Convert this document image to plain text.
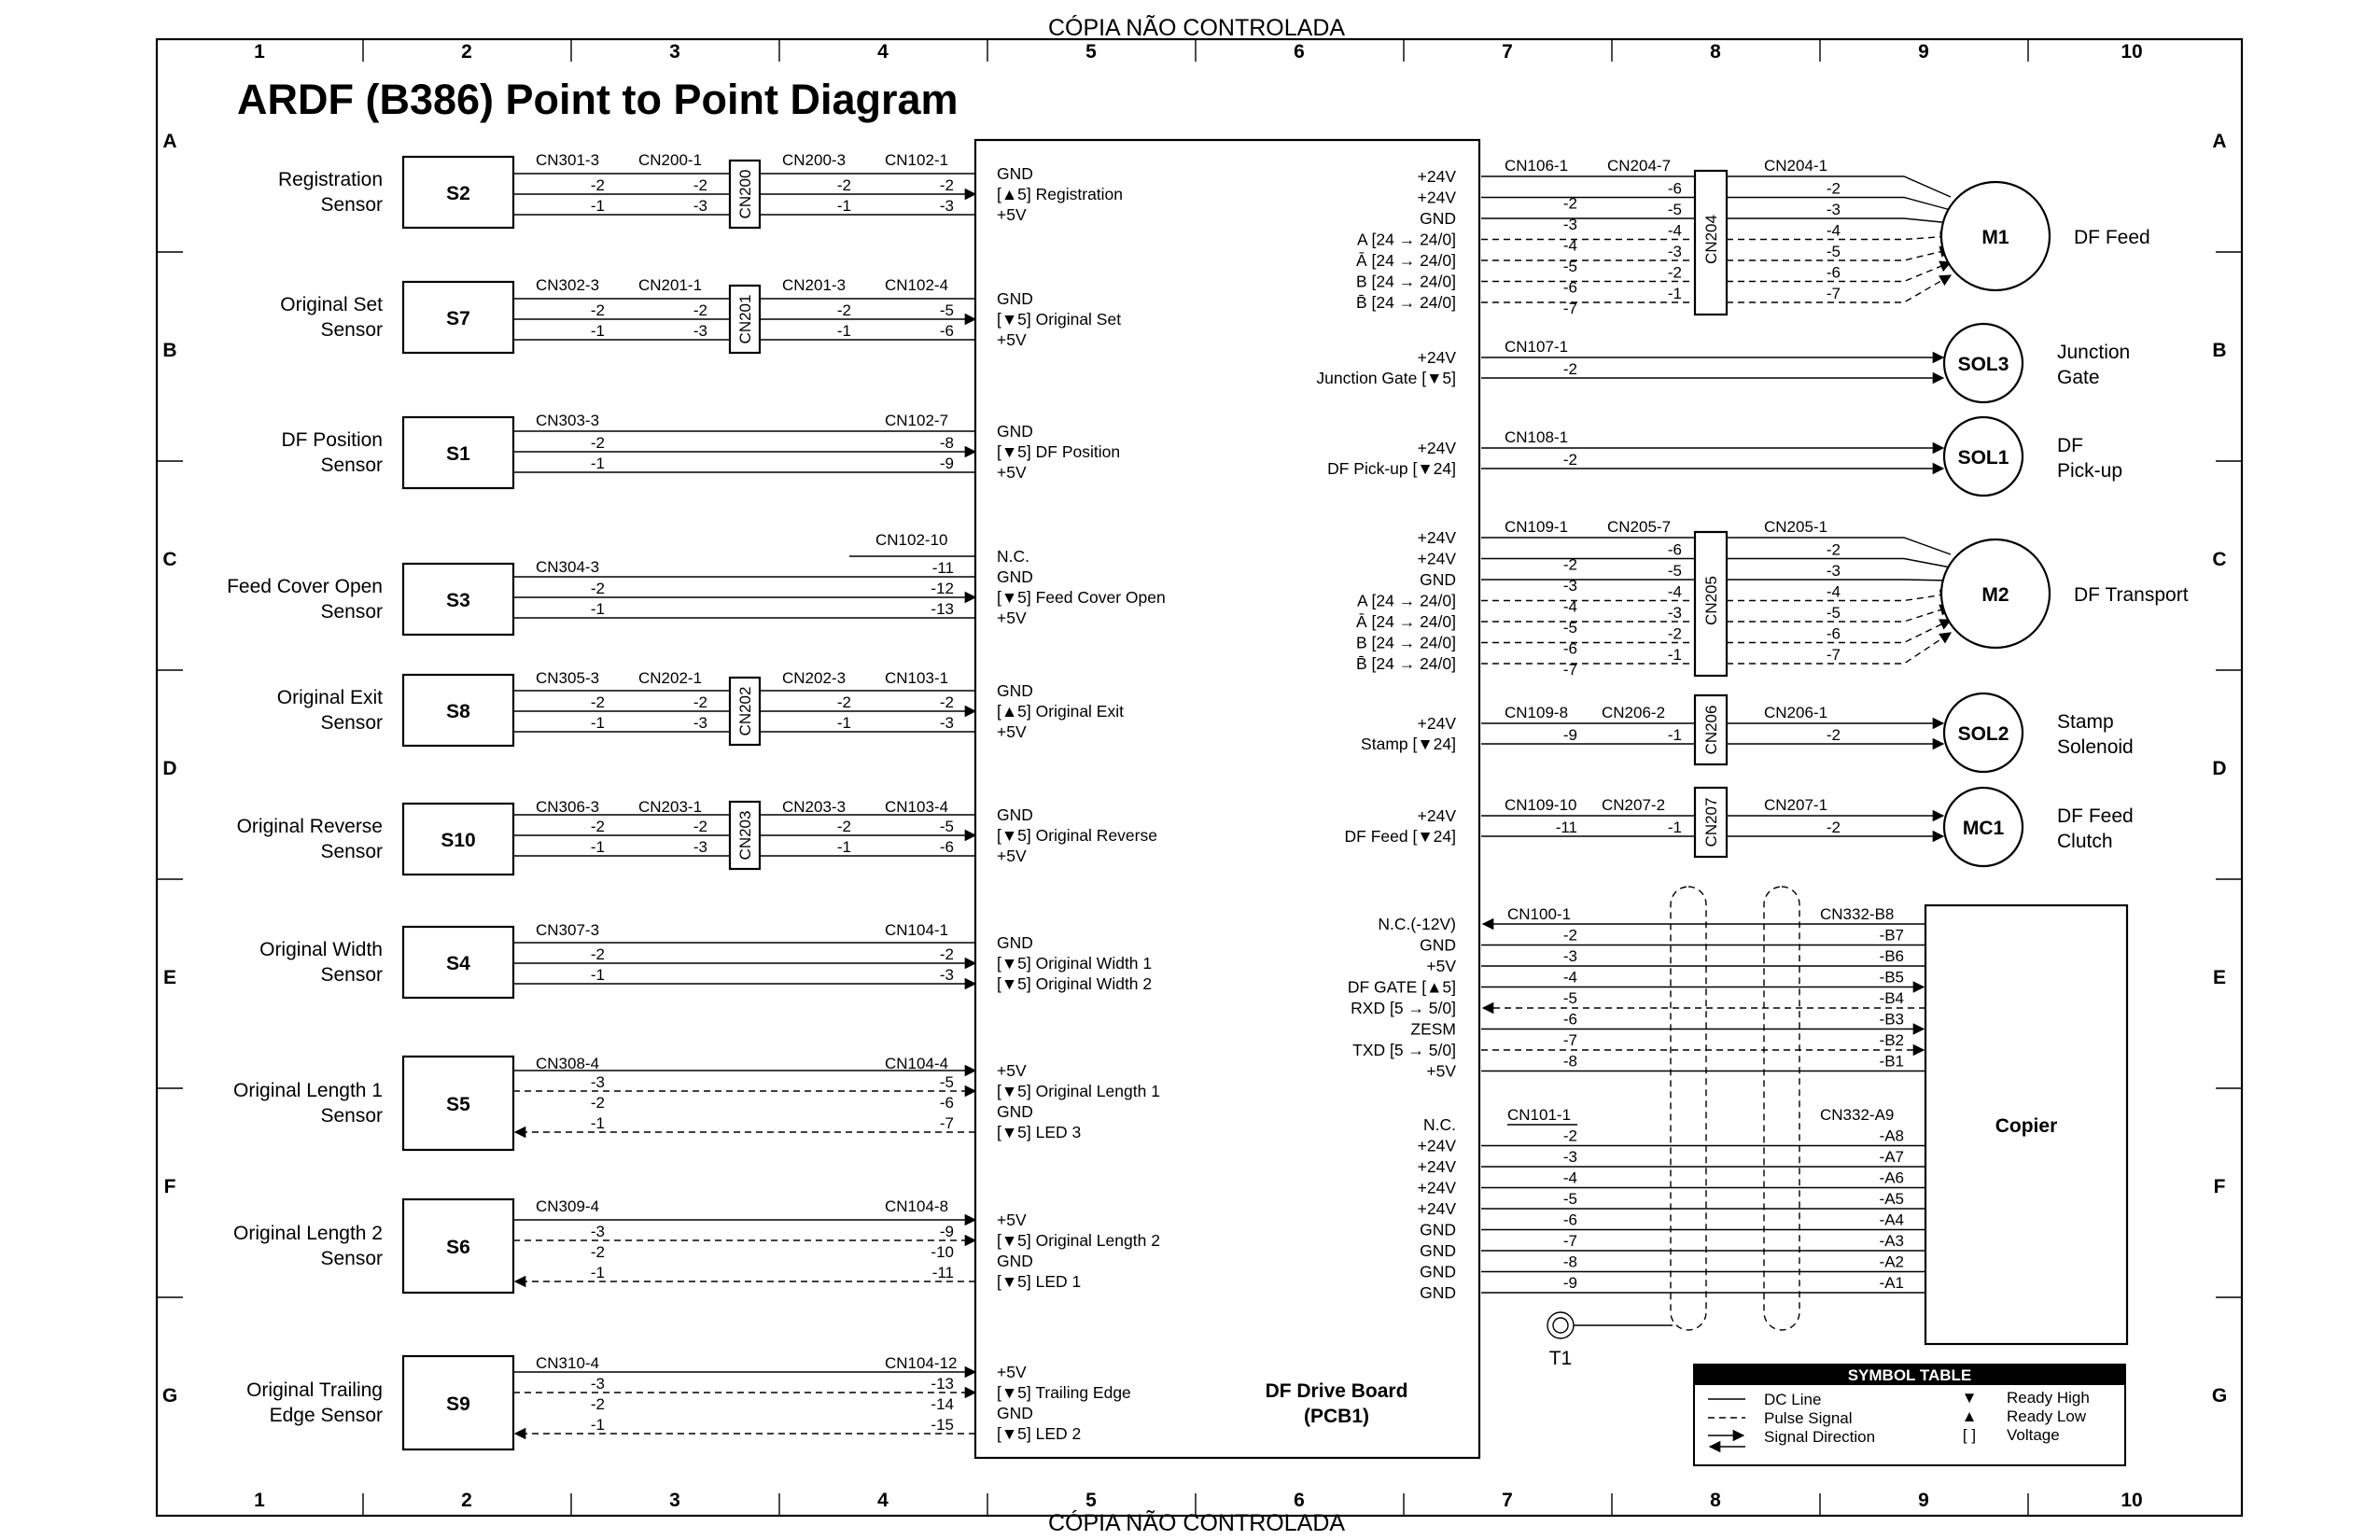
CÓPIA NÃO CONTROLADA
CÓPIA NÃO CONTROLADA
1
1
2
2
3
3
4
4
5
5
6
6
7
7
8
8
9
9
10
10
A	A
B	B
C	C
D	D
E	E
F	F
G	G
ARDF (B386) Point to Point Diagram
DF Drive Board
(PCB1)
S2
Registration
Sensor
CN301-3
CN200
CN200-1	CN200-3 CN102-1
-2	-2	-2	-2
-1	-3	-1	-3
GND
[▲5] Registration
+5V
S7
Original Set
Sensor
CN302-3
CN201
CN201-1	CN201-3 CN102-4
-2	-2	-2	-5
-1	-3	-1	-6
GND
[▼5] Original Set
+5V
S1
DF Position
Sensor
CN303-3	CN102-7
-2	-8
-1	-9
GND
[▼5] DF Position
+5V
S3
Feed Cover Open
Sensor
CN304-3
CN102-10
-11
-2	-12
-1	-13
N.C.
GND
[▼5] Feed Cover Open
+5V
S8
Original Exit
Sensor
CN305-3
CN202
CN202-1	CN202-3 CN103-1
-2	-2	-2	-2
-1	-3	-1	-3
GND
[▲5] Original Exit
+5V
S10
Original Reverse
Sensor
CN306-3
CN203
CN203-1	CN203-3 CN103-4
-2	-2	-2	-5
-1	-3	-1	-6
GND
[▼5] Original Reverse
+5V
S4
Original Width
Sensor
CN307-3	CN104-1
-2	-2
-1	-3
GND
[▼5] Original Width 1
[▼5] Original Width 2
S5
Original Length 1
Sensor
CN308-4	CN104-4
-3	-5
-2	-6
-1	-7
+5V
[▼5] Original Length 1
GND
[▼5] LED 3
S6
Original Length 2
Sensor
CN309-4	CN104-8
-3	-9
-2	-10
-1	-11
+5V
[▼5] Original Length 2
GND
[▼5] LED 1
S9
Original Trailing
Edge Sensor
CN310-4	CN104-12
-3	-13
-2	-14
-1	-15
+5V
[▼5] Trailing Edge
GND
[▼5] LED 2
+24V
+24V
GND
A [24 → 24/0]
Ā [24 → 24/0]
B [24 → 24/0]
B̄ [24 → 24/0]
CN204
CN106-1 CN204-7	CN204-1
-2
-6	-2
-3
-5	-3
-4
-4	-4
-5
-3	-5
-6
-2	-6
-7
-1	-7
M1	DF Feed
+24V
+24V
GND
A [24 → 24/0]
Ā [24 → 24/0]
B [24 → 24/0]
B̄ [24 → 24/0]
CN205
CN109-1 CN205-7	CN205-1
-2
-6	-2
-3
-5	-3
-4
-4	-4
-5
-3	-5
-6
-2	-6
-7
-1	-7
M2	DF Transport
+24V
Junction Gate [▼5]
CN107-1
-2	SOL3
Junction
Gate
+24V
DF Pick-up [▼24]
CN108-1
-2	SOL1
DF
Pick-up
+24V
Stamp [▼24]	CN206
CN109-8 CN206-2	CN206-1
-9	-1	-2	SOL2
Stamp
Solenoid
+24V
DF Feed [▼24]	CN207
CN109-10 CN207-2	CN207-1
-11	-1	-2	MC1
DF Feed
Clutch
Copier
N.C.(-12V)
CN100-1	CN332-B8
GND
-2	-B7
+5V
-3	-B6
DF GATE [▲5]
-4	-B5
RXD [5 → 5/0]
-5	-B4
ZESM
-6	-B3
TXD [5 → 5/0]
-7	-B2
+5V
-8	-B1
N.C.
CN101-1	CN332-A9
+24V
-2	-A8
+24V
-3	-A7
+24V
-4	-A6
+24V
-5	-A5
GND
-6	-A4
GND
-7	-A3
GND
-8	-A2
GND
-9	-A1
T1
SYMBOL TABLE
DC Line
Pulse Signal
Signal Direction
▼
▲
[ ]
Ready High
Ready Low
Voltage
